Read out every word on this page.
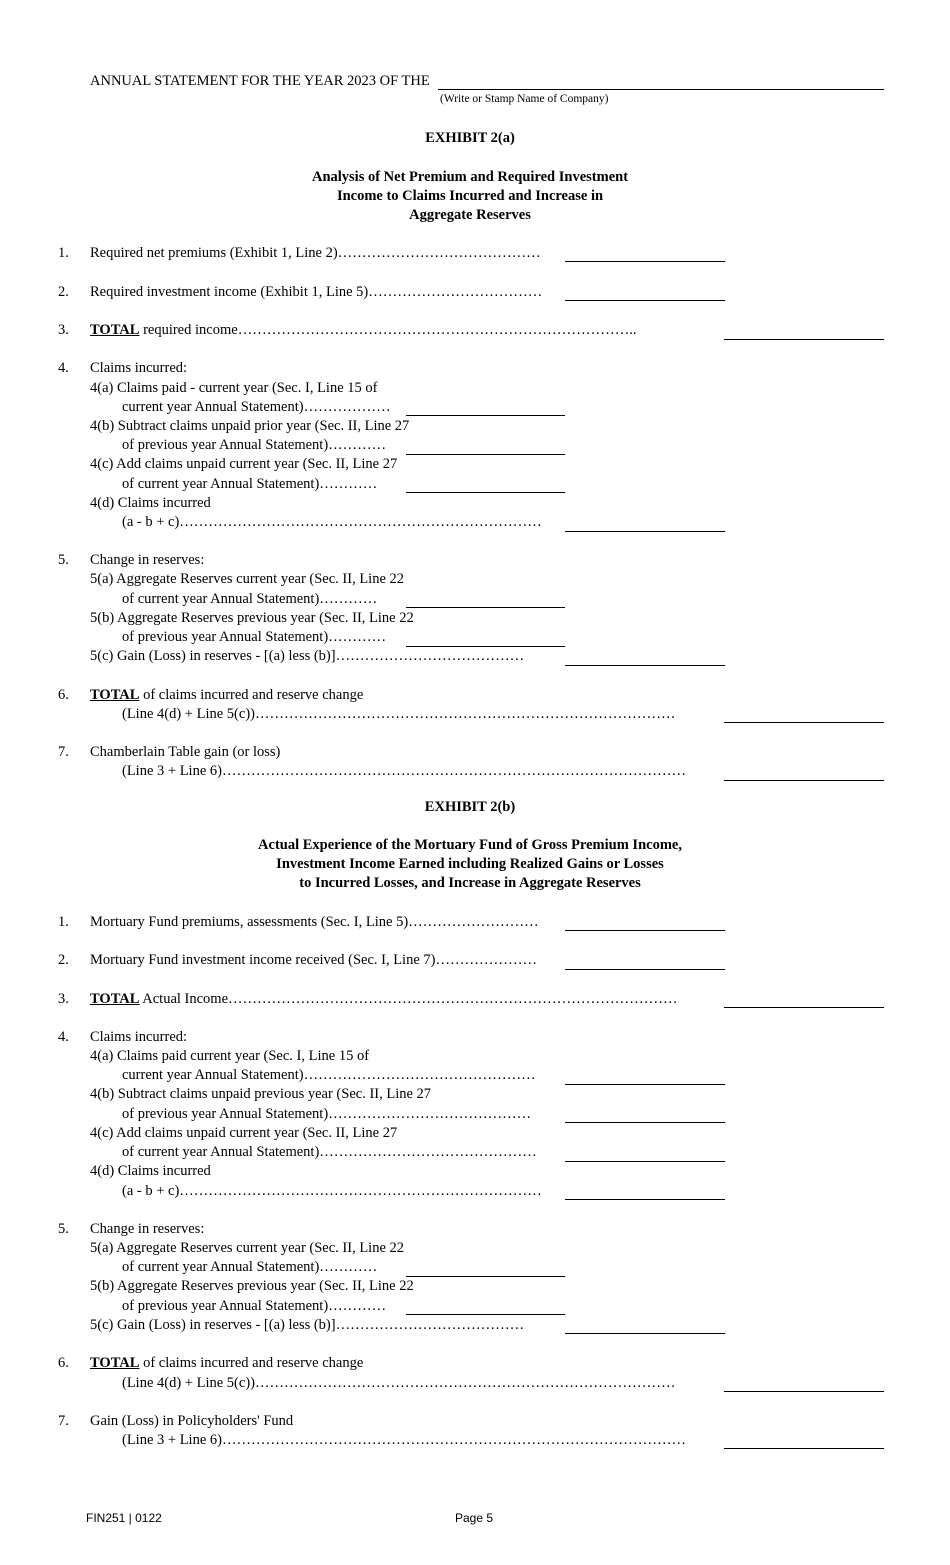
ANNUAL STATEMENT FOR THE YEAR 2023 OF THE
(Write or Stamp Name of Company)
EXHIBIT 2(a)
Analysis of Net Premium and Required Investment
Income to Claims Incurred and Increase in
Aggregate Reserves
1. Required net premiums (Exhibit 1, Line 2)……………………………………
2. Required investment income (Exhibit 1, Line 5)………………………………
3. TOTAL required income………………………………………………………………………..
4. Claims incurred:
4(a) Claims paid - current year (Sec. I, Line 15 of
current year Annual Statement)………………
4(b) Subtract claims unpaid prior year (Sec. II, Line 27
of previous year Annual Statement)…………
4(c) Add claims unpaid current year (Sec. II, Line 27
of current year Annual Statement)…………
4(d) Claims incurred
(a - b + c)…………………………………………………………………
5. Change in reserves:
5(a) Aggregate Reserves current year (Sec. II, Line 22
of current year Annual Statement)…………
5(b) Aggregate Reserves previous year (Sec. II, Line 22
of previous year Annual Statement)…………
5(c) Gain (Loss) in reserves - [(a) less (b)]…………………………………
6. TOTAL of claims incurred and reserve change
(Line 4(d) + Line 5(c))……………………………………………………………………………
7. Chamberlain Table gain (or loss)
(Line 3 + Line 6)……………………………………………………………………………………
EXHIBIT 2(b)
Actual Experience of the Mortuary Fund of Gross Premium Income,
Investment Income Earned including Realized Gains or Losses
to Incurred Losses, and Increase in Aggregate Reserves
1. Mortuary Fund premiums, assessments (Sec. I, Line 5)………………………
2. Mortuary Fund investment income received (Sec. I, Line 7)…………………
3. TOTAL Actual Income…………………………………………………………………………………
4. Claims incurred:
4(a) Claims paid current year (Sec. I, Line 15 of
current year Annual Statement)…………………………………………
4(b) Subtract claims unpaid previous year (Sec. II, Line 27
of previous year Annual Statement)……………………………………
4(c) Add claims unpaid current year (Sec. II, Line 27
of current year Annual Statement)………………………………………
4(d) Claims incurred
(a - b + c)…………………………………………………………………
5. Change in reserves:
5(a) Aggregate Reserves current year (Sec. II, Line 22
of current year Annual Statement)…………
5(b) Aggregate Reserves previous year (Sec. II, Line 22
of previous year Annual Statement)…………
5(c) Gain (Loss) in reserves - [(a) less (b)]…………………………………
6. TOTAL of claims incurred and reserve change
(Line 4(d) + Line 5(c))……………………………………………………………………………
7. Gain (Loss) in Policyholders' Fund
(Line 3 + Line 6)……………………………………………………………………………………
FIN251 | 0122	Page 5
